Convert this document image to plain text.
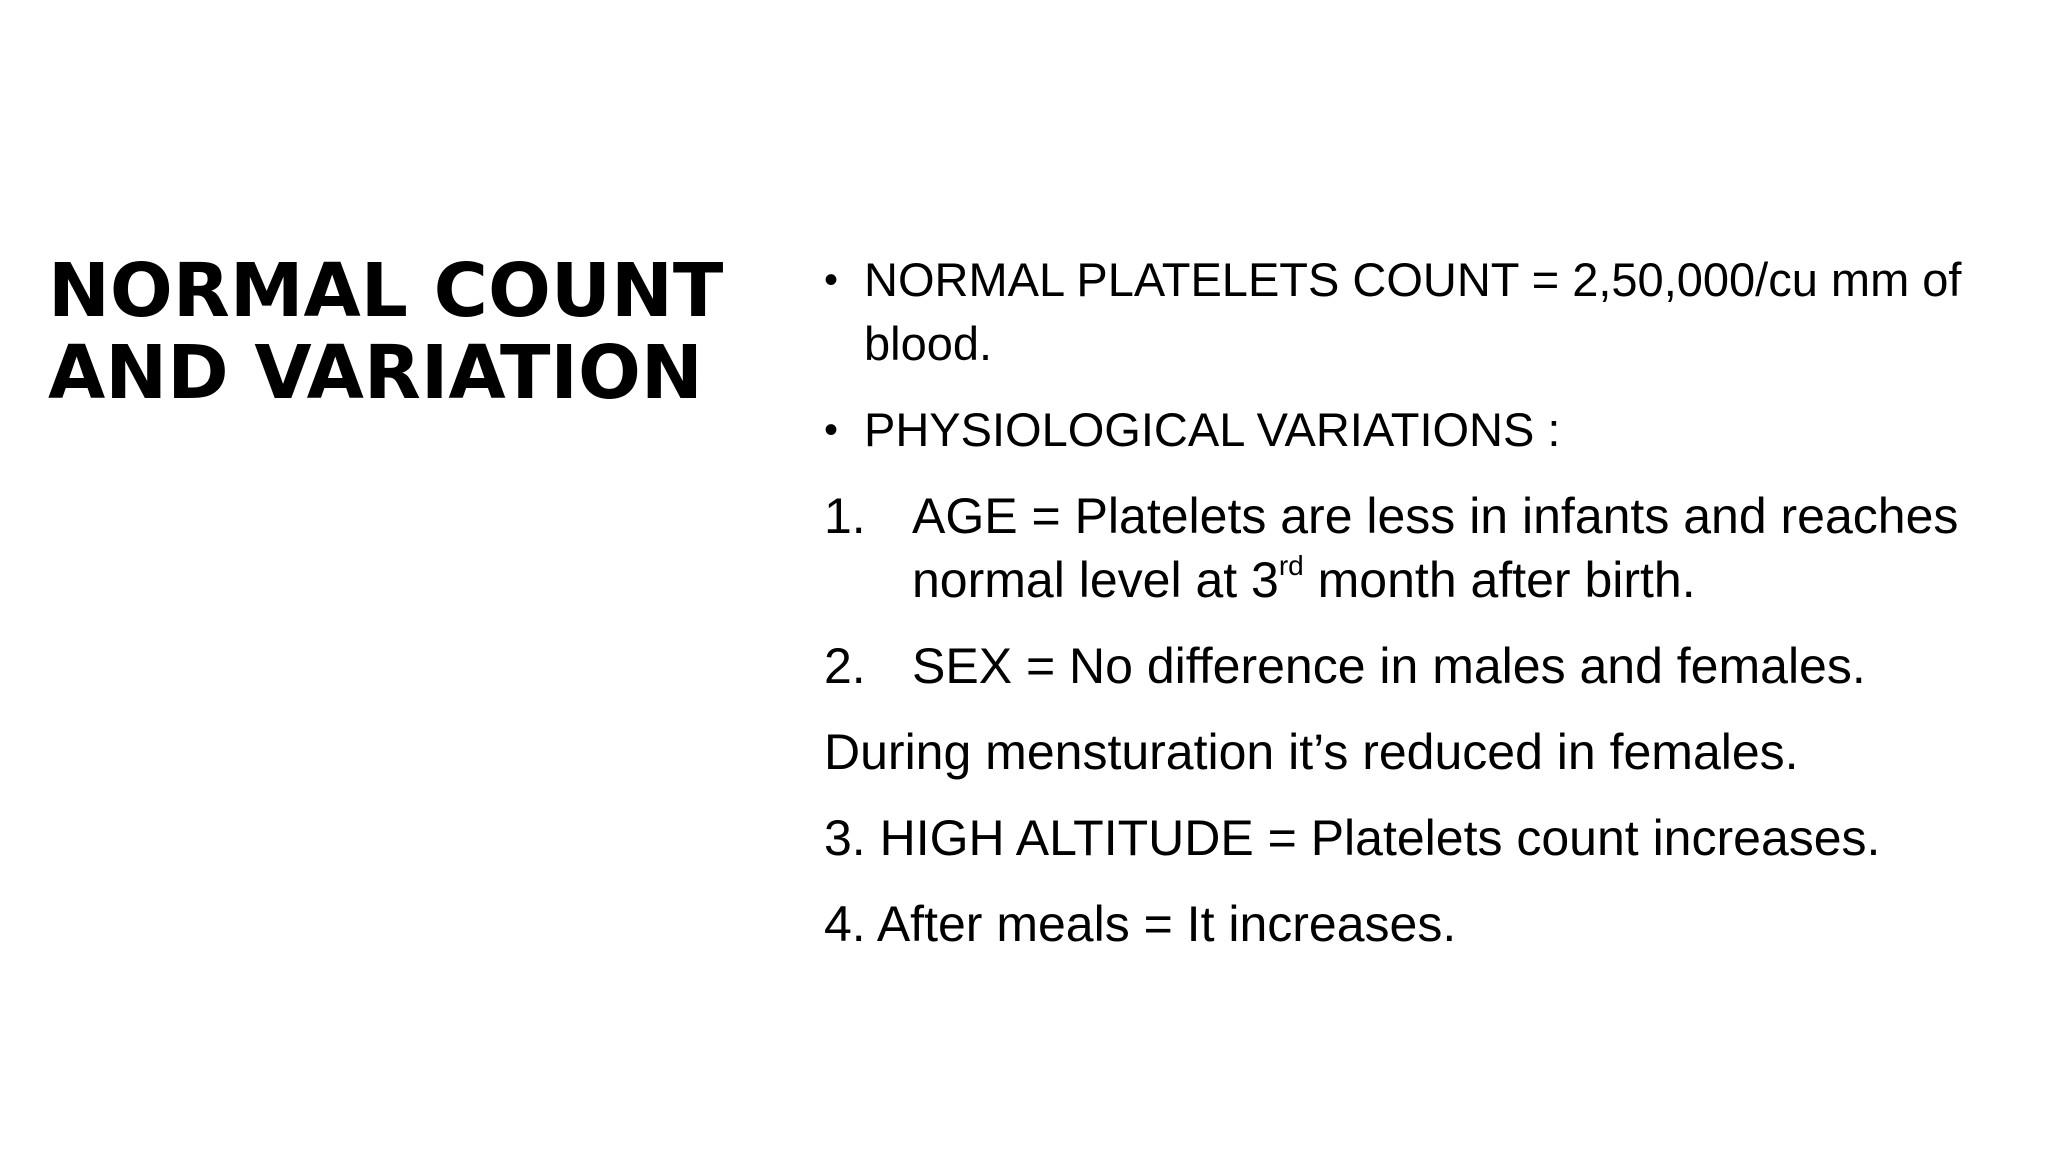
NORMAL COUNT
AND VARIATION
• NORMAL PLATELETS COUNT = 2,50,000/cu mm of blood.
• PHYSIOLOGICAL VARIATIONS :
1. AGE = Platelets are less in infants and reaches normal level at 3rd month after birth.
2. SEX = No difference in males and females.
During mensturation it’s reduced in females.
3. HIGH ALTITUDE = Platelets count increases.
4. After meals = It increases.
